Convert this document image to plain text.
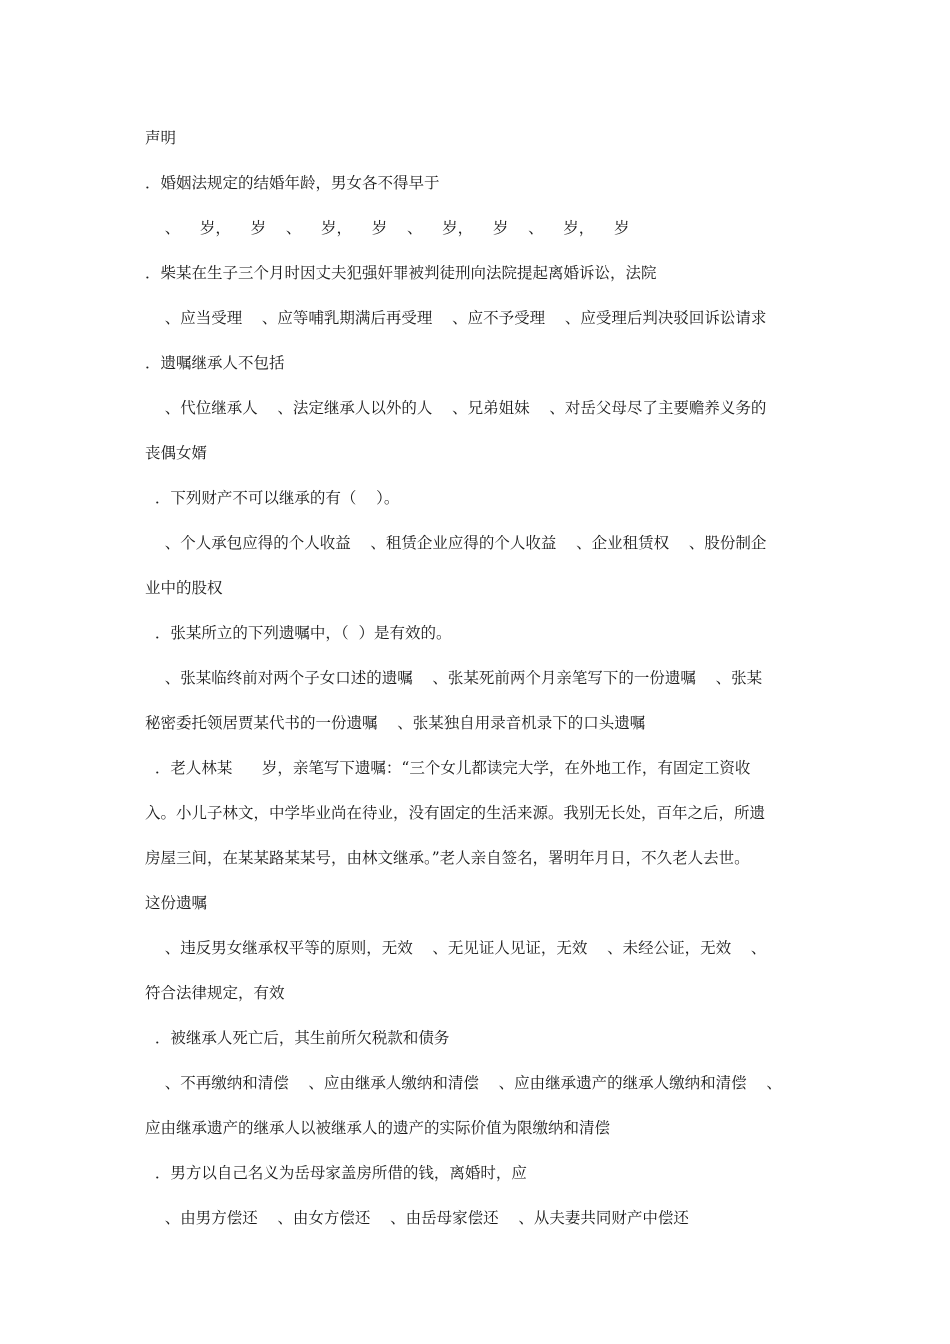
声明
．婚姻法规定的结婚年龄，男女各不得早于
、    岁，    岁    、    岁，    岁    、    岁，    岁    、    岁，    岁
．柴某在生子三个月时因丈夫犯强奸罪被判徒刑向法院提起离婚诉讼，法院
、应当受理    、应等哺乳期满后再受理    、应不予受理    、应受理后判决驳回诉讼请求
．遗嘱继承人不包括
、代位继承人    、法定继承人以外的人    、兄弟姐妹    、对岳父母尽了主要赡养义务的
丧偶女婿
．下列财产不可以继承的有（    ）。
、个人承包应得的个人收益    、租赁企业应得的个人收益    、企业租赁权    、股份制企
业中的股权
．张某所立的下列遗嘱中，（  ）是有效的。
、张某临终前对两个子女口述的遗嘱    、张某死前两个月亲笔写下的一份遗嘱    、张某
秘密委托领居贾某代书的一份遗嘱    、张某独自用录音机录下的口头遗嘱
．老人林某      岁，亲笔写下遗嘱：“三个女儿都读完大学，在外地工作，有固定工资收
入。小儿子林文，中学毕业尚在待业，没有固定的生活来源。我别无长处，百年之后，所遗
房屋三间，在某某路某某号，由林文继承。”老人亲自签名，署明年月日，不久老人去世。
这份遗嘱
、违反男女继承权平等的原则，无效    、无见证人见证，无效    、未经公证，无效    、
符合法律规定，有效
．被继承人死亡后，其生前所欠税款和债务
、不再缴纳和清偿    、应由继承人缴纳和清偿    、应由继承遗产的继承人缴纳和清偿    、
应由继承遗产的继承人以被继承人的遗产的实际价值为限缴纳和清偿
．男方以自己名义为岳母家盖房所借的钱，离婚时，应
、由男方偿还    、由女方偿还    、由岳母家偿还    、从夫妻共同财产中偿还
